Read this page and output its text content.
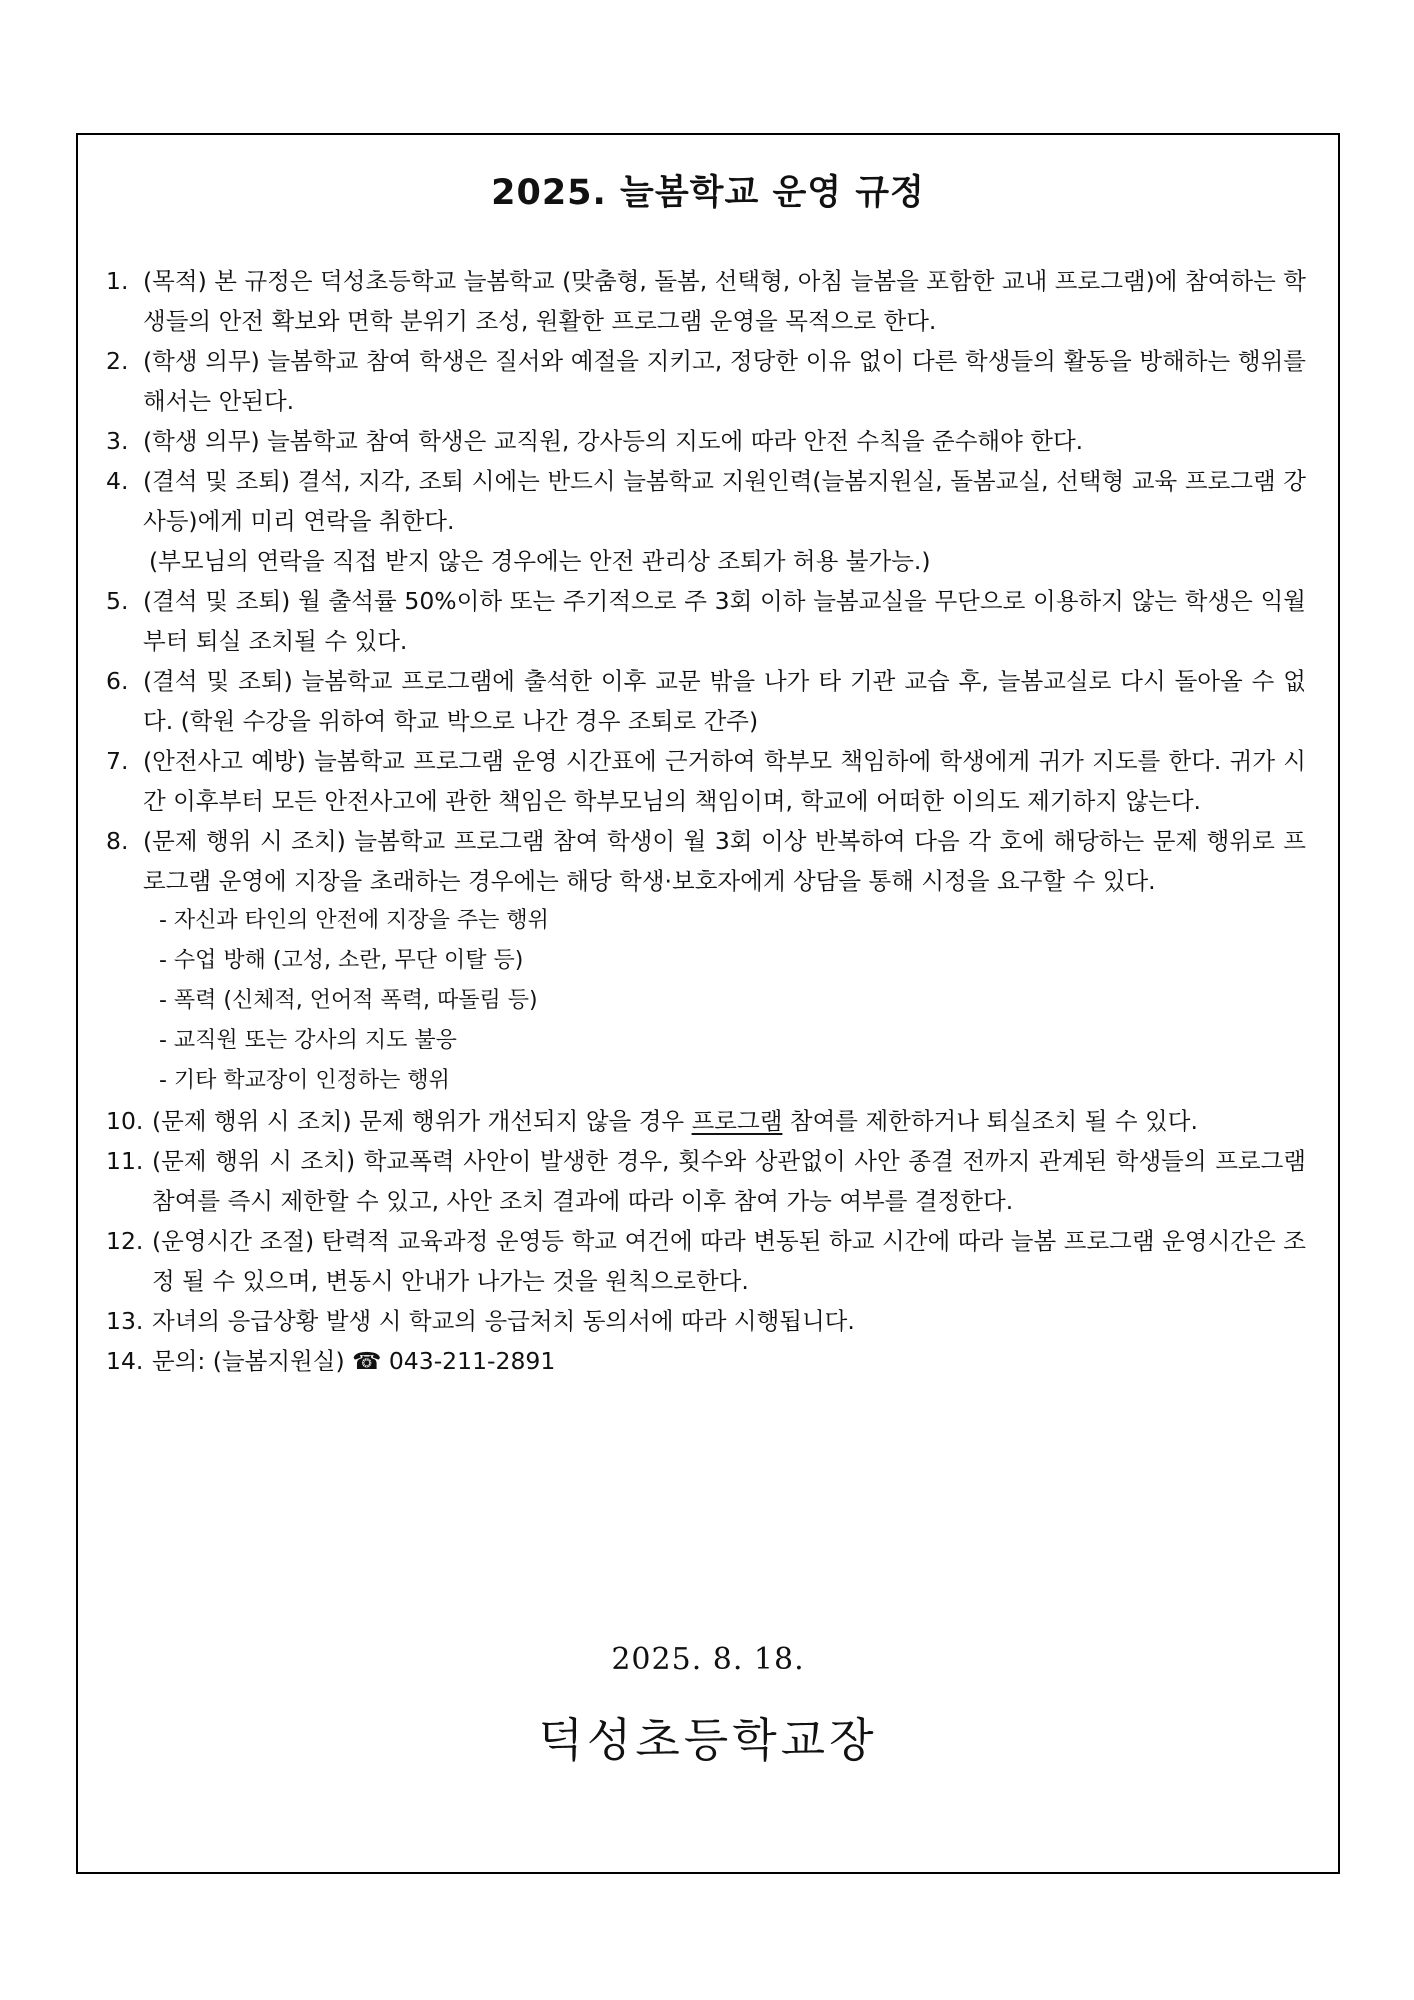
2025. 늘봄학교 운영 규정
1. (목적) 본 규정은 덕성초등학교 늘봄학교 (맞춤형, 돌봄, 선택형, 아침 늘봄을 포함한 교내 프로그램)에 참여하는 학생들의 안전 확보와 면학 분위기 조성, 원활한 프로그램 운영을 목적으로 한다.
2. (학생 의무) 늘봄학교 참여 학생은 질서와 예절을 지키고, 정당한 이유 없이 다른 학생들의 활동을 방해하는 행위를 해서는 안된다.
3. (학생 의무) 늘봄학교 참여 학생은 교직원, 강사등의 지도에 따라 안전 수칙을 준수해야 한다.
4. (결석 및 조퇴) 결석, 지각, 조퇴 시에는 반드시 늘봄학교 지원인력(늘봄지원실, 돌봄교실, 선택형 교육 프로그램 강사등)에게 미리 연락을 취한다.
(부모님의 연락을 직접 받지 않은 경우에는 안전 관리상 조퇴가 허용 불가능.)
5. (결석 및 조퇴) 월 출석률 50%이하 또는 주기적으로 주 3회 이하 늘봄교실을 무단으로 이용하지 않는 학생은 익월부터 퇴실 조치될 수 있다.
6. (결석 및 조퇴) 늘봄학교 프로그램에 출석한 이후 교문 밖을 나가 타 기관 교습 후, 늘봄교실로 다시 돌아올 수 없다. (학원 수강을 위하여 학교 박으로 나간 경우 조퇴로 간주)
7. (안전사고 예방) 늘봄학교 프로그램 운영 시간표에 근거하여 학부모 책임하에 학생에게 귀가 지도를 한다. 귀가 시간 이후부터 모든 안전사고에 관한 책임은 학부모님의 책임이며, 학교에 어떠한 이의도 제기하지 않는다.
8. (문제 행위 시 조치) 늘봄학교 프로그램 참여 학생이 월 3회 이상 반복하여 다음 각 호에 해당하는 문제 행위로 프로그램 운영에 지장을 초래하는 경우에는 해당 학생·보호자에게 상담을 통해 시정을 요구할 수 있다.
- 자신과 타인의 안전에 지장을 주는 행위
- 수업 방해 (고성, 소란, 무단 이탈 등)
- 폭력 (신체적, 언어적 폭력, 따돌림 등)
- 교직원 또는 강사의 지도 불응
- 기타 학교장이 인정하는 행위
10. (문제 행위 시 조치) 문제 행위가 개선되지 않을 경우 프로그램 참여를 제한하거나 퇴실조치 될 수 있다.
11. (문제 행위 시 조치) 학교폭력 사안이 발생한 경우, 횟수와 상관없이 사안 종결 전까지 관계된 학생들의 프로그램 참여를 즉시 제한할 수 있고, 사안 조치 결과에 따라 이후 참여 가능 여부를 결정한다.
12. (운영시간 조절) 탄력적 교육과정 운영등 학교 여건에 따라 변동된 하교 시간에 따라 늘봄 프로그램 운영시간은 조정 될 수 있으며, 변동시 안내가 나가는 것을 원칙으로한다.
13. 자녀의 응급상황 발생 시 학교의 응급처치 동의서에 따라 시행됩니다.
14. 문의: (늘봄지원실) ☎ 043-211-2891
2025. 8. 18.
덕성초등학교장
